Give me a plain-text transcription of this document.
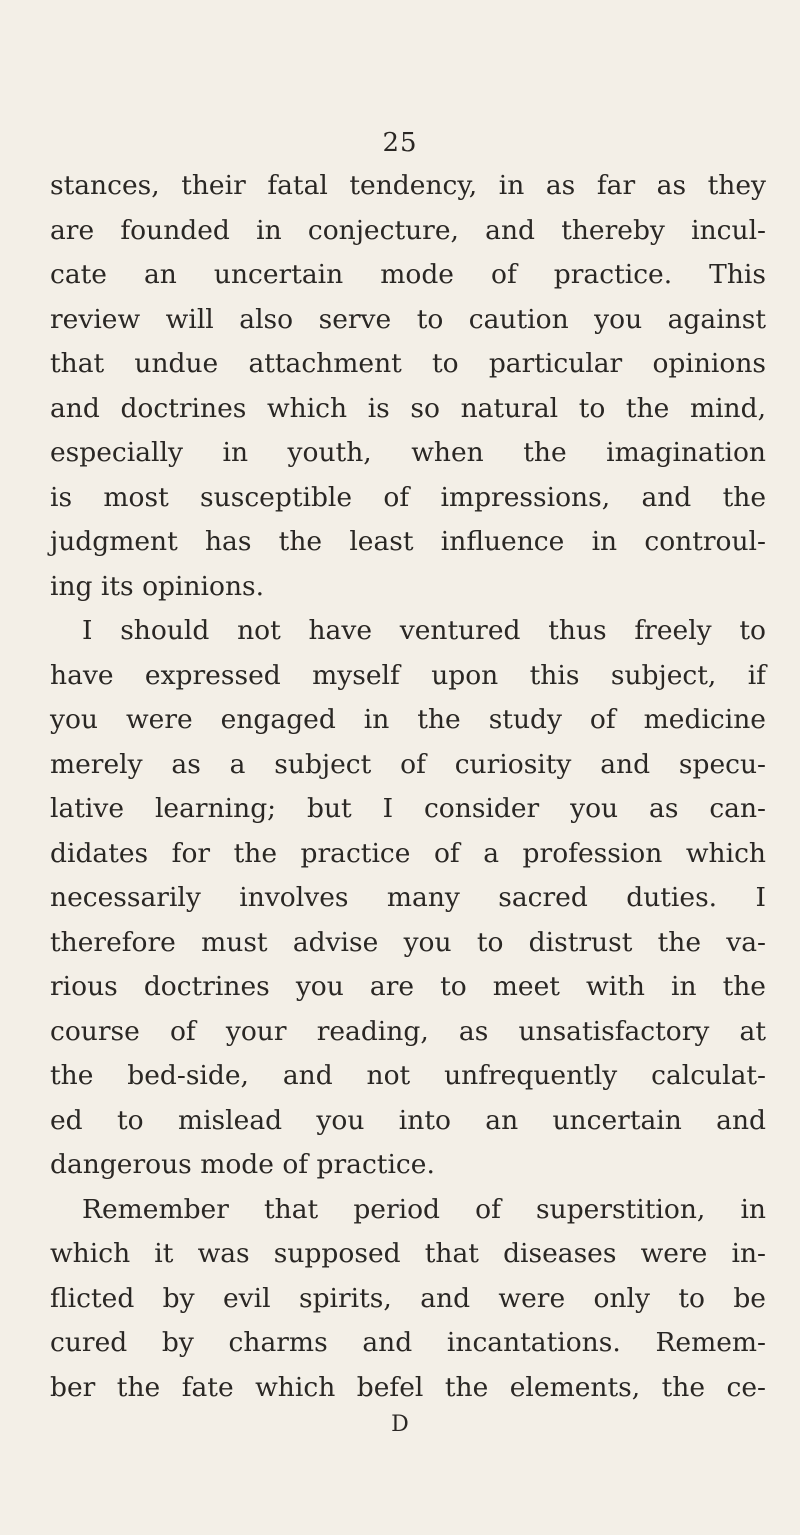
25
stances, their fatal tendency, in as far as they
are founded in conjecture, and thereby incul-
cate an uncertain mode of practice. This
review will also serve to caution you against
that undue attachment to particular opinions
and doctrines which is so natural to the mind,
especially in youth, when the imagination
is most susceptible of impressions, and the
judgment has the least influence in controul-
ing its opinions.
I should not have ventured thus freely to
have expressed myself upon this subject, if
you were engaged in the study of medicine
merely as a subject of curiosity and specu-
lative learning; but I consider you as can-
didates for the practice of a profession which
necessarily involves many sacred duties. I
therefore must advise you to distrust the va-
rious doctrines you are to meet with in the
course of your reading, as unsatisfactory at
the bed-side, and not unfrequently calculat-
ed to mislead you into an uncertain and
dangerous mode of practice.
Remember that period of superstition, in
which it was supposed that diseases were in-
flicted by evil spirits, and were only to be
cured by charms and incantations. Remem-
ber the fate which befel the elements, the ce-
D
